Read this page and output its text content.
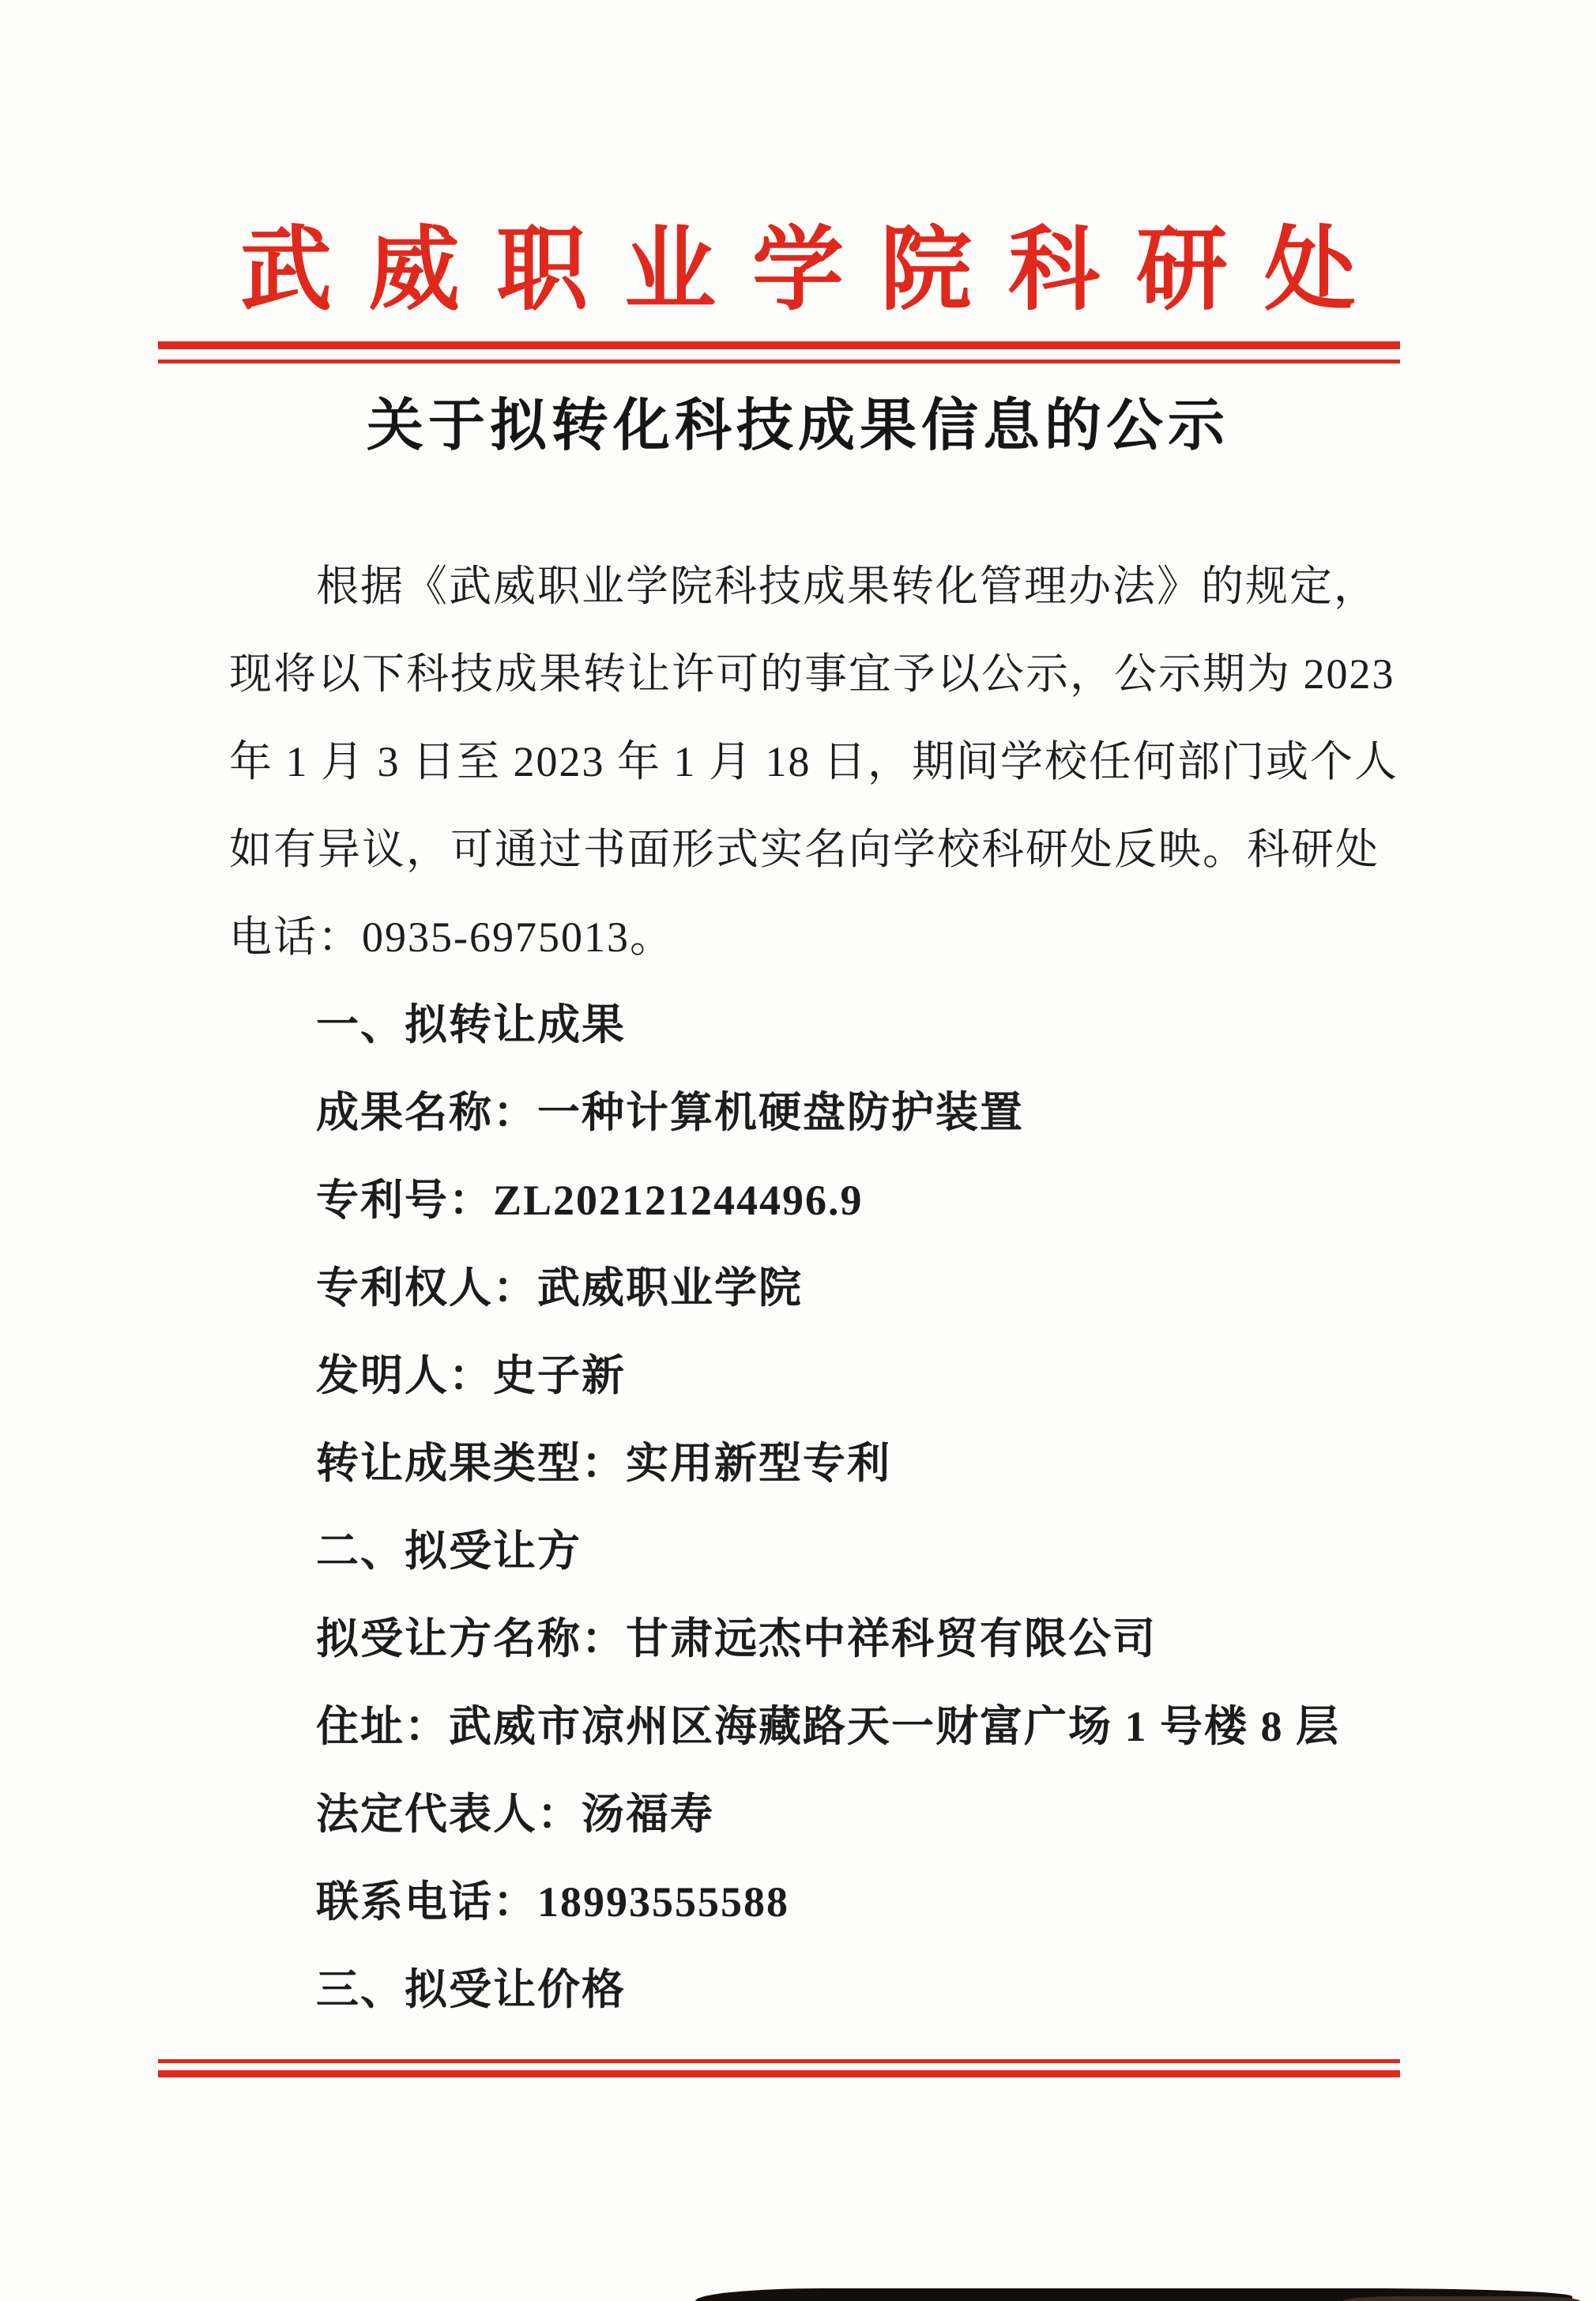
武威职业学院科研处
关于拟转化科技成果信息的公示
根据《武威职业学院科技成果转化管理办法》的规定，
现将以下科技成果转让许可的事宜予以公示，公示期为 2023
年 1 月 3 日至 2023 年 1 月 18 日，期间学校任何部门或个人
如有异议，可通过书面形式实名向学校科研处反映。科研处
电话：0935-6975013。
一、拟转让成果
成果名称：一种计算机硬盘防护装置
专利号：ZL202121244496.9
专利权人：武威职业学院
发明人：史子新
转让成果类型：实用新型专利
二、拟受让方
拟受让方名称：甘肃远杰中祥科贸有限公司
住址：武威市凉州区海藏路天一财富广场 1 号楼 8 层
法定代表人：汤福寿
联系电话：18993555588
三、拟受让价格
